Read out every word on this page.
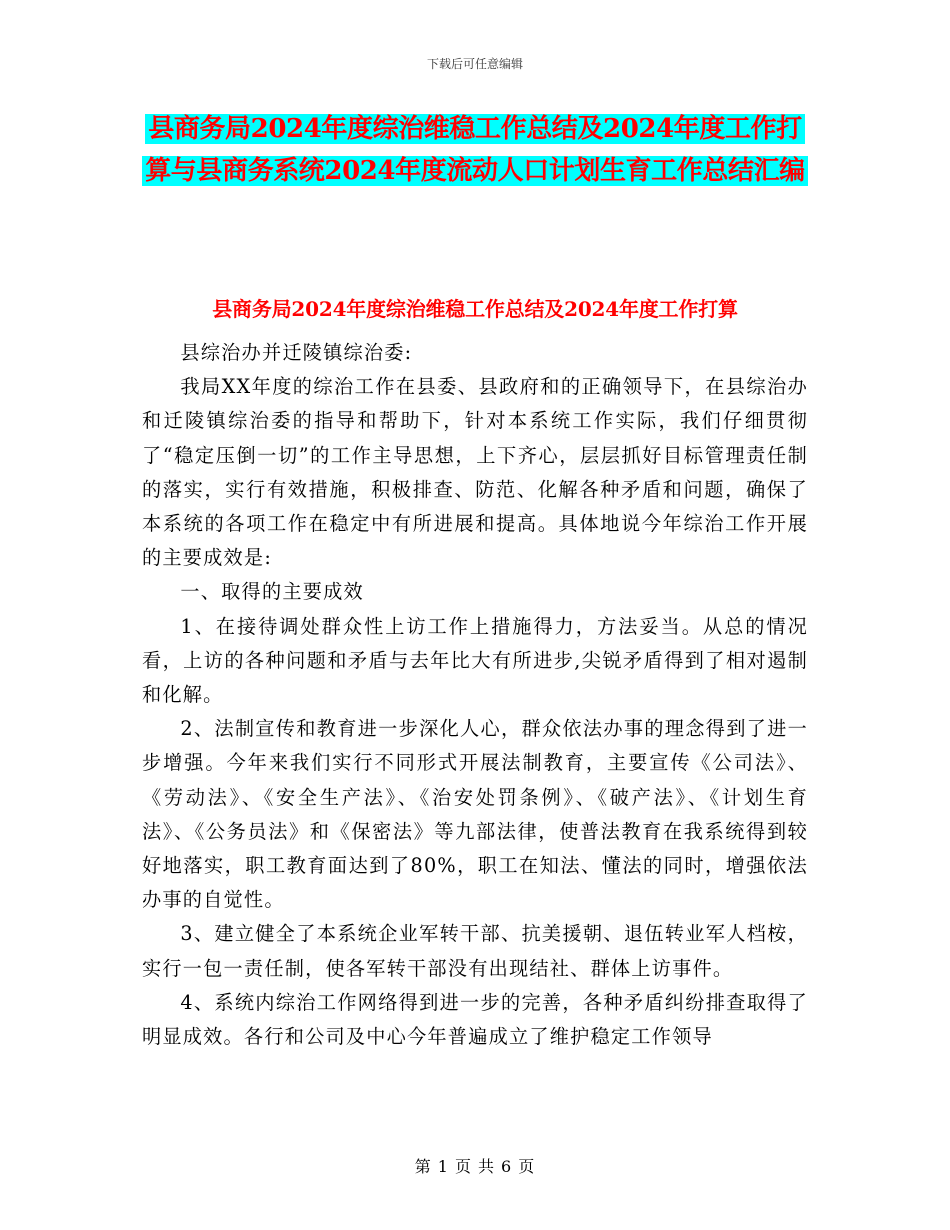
下载后可任意编辑
县商务局2024年度综治维稳工作总结及2024年度工作打算与县商务系统2024年度流动人口计划生育工作总结汇编
县商务局2024年度综治维稳工作总结及2024年度工作打算

县综治办并迁陵镇综治委:

我局XX年度的综治工作在县委、县政府和的正确领导下，在县综治办和迁陵镇综治委的指导和帮助下，针对本系统工作实际，我们仔细贯彻了“稳定压倒一切”的工作主导思想，上下齐心，层层抓好目标管理责任制的落实，实行有效措施，积极排查、防范、化解各种矛盾和问题，确保了本系统的各项工作在稳定中有所进展和提高。具体地说今年综治工作开展的主要成效是:

一、取得的主要成效

1、在接待调处群众性上访工作上措施得力，方法妥当。从总的情况看，上访的各种问题和矛盾与去年比大有所进步,尖锐矛盾得到了相对遏制和化解。

2、法制宣传和教育进一步深化人心，群众依法办事的理念得到了进一步增强。今年来我们实行不同形式开展法制教育，主要宣传《公司法》、《劳动法》、《安全生产法》、《治安处罚条例》、《破产法》、《计划生育法》、《公务员法》和《保密法》等九部法律，使普法教育在我系统得到较好地落实，职工教育面达到了80%，职工在知法、懂法的同时，增强依法办事的自觉性。

3、建立健全了本系统企业军转干部、抗美援朝、退伍转业军人档桉，实行一包一责任制，使各军转干部没有出现结社、群体上访事件。

4、系统内综治工作网络得到进一步的完善，各种矛盾纠纷排查取得了明显成效。各行和公司及中心今年普遍成立了维护稳定工作领导

第 1 页 共 6 页
